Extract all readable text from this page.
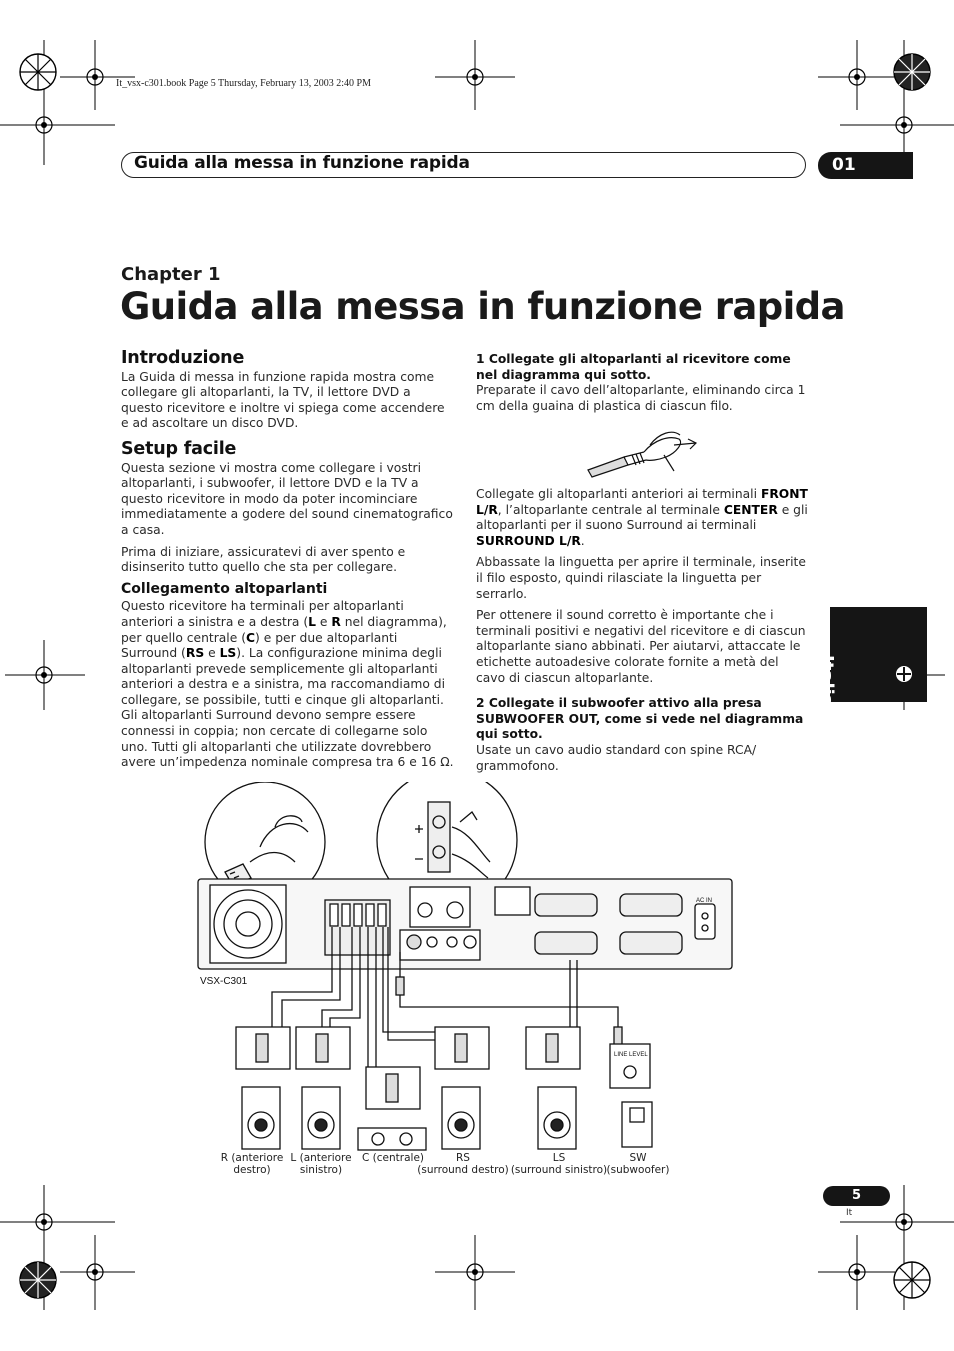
It_vsx-c301.book Page 5 Thursday, February 13, 2003 2:40 PM
Guida alla messa in funzione rapida	01
Chapter 1
Guida alla messa in funzione rapida
Italiano
Introduzione

La Guida di messa in funzione rapida mostra come collegare gli altoparlanti, la TV, il lettore DVD a questo ricevitore e inoltre vi spiega come accendere e ad ascoltare un disco DVD.

Setup facile

Questa sezione vi mostra come collegare i vostri altoparlanti, i subwoofer, il lettore DVD e la TV a questo ricevitore in modo da poter incominciare immediatamente a godere del sound cinematografico a casa.

Prima di iniziare, assicuratevi di aver spento e disinserito tutto quello che sta per collegare.

Collegamento altoparlanti

Questo ricevitore ha terminali per altoparlanti anteriori a sinistra e a destra (L e R nel diagramma), per quello centrale (C) e per due altoparlanti Surround (RS e LS). La configurazione minima degli altoparlanti prevede semplicemente gli altoparlanti anteriori a destra e a sinistra, ma raccomandiamo di collegare, se possibile, tutti e cinque gli altoparlanti. Gli altoparlanti Surround devono sempre essere connessi in coppia; non cercate di collegarne solo uno. Tutti gli altoparlanti che utilizzate dovrebbero avere un’impedenza nominale compresa tra 6 e 16 Ω.

1 Collegate gli altoparlanti al ricevitore come nel diagramma qui sotto.

Preparate il cavo dell’altoparlante, eliminando circa 1 cm della guaina di plastica di ciascun filo.

Collegate gli altoparlanti anteriori ai terminali FRONT L/R, l’altoparlante centrale al terminale CENTER e gli altoparlanti per il suono Surround ai terminali SURROUND L/R.

Abbassate la linguetta per aprire il terminale, inserite il filo esposto, quindi rilasciate la linguetta per serrarlo.

Per ottenere il sound corretto è importante che i terminali positivi e negativi del ricevitore e di ciascun altoparlante siano abbinati. Per aiutarvi, attaccate le etichette autoadesive colorate fornite a metà del cavo di ciascun altoparlante.

2 Collegate il subwoofer attivo alla presa SUBWOOFER OUT, come si vede nel diagramma qui sotto.

Usate un cavo audio standard con spine RCA/ grammofono.

VSX-C301
LINE LEVEL
AC IN
R (anteriore
destro)
L (anteriore
sinistro)
C (centrale)	RS
(surround destro)
LS
(surround sinistro)
SW
(subwoofer)
5
It
